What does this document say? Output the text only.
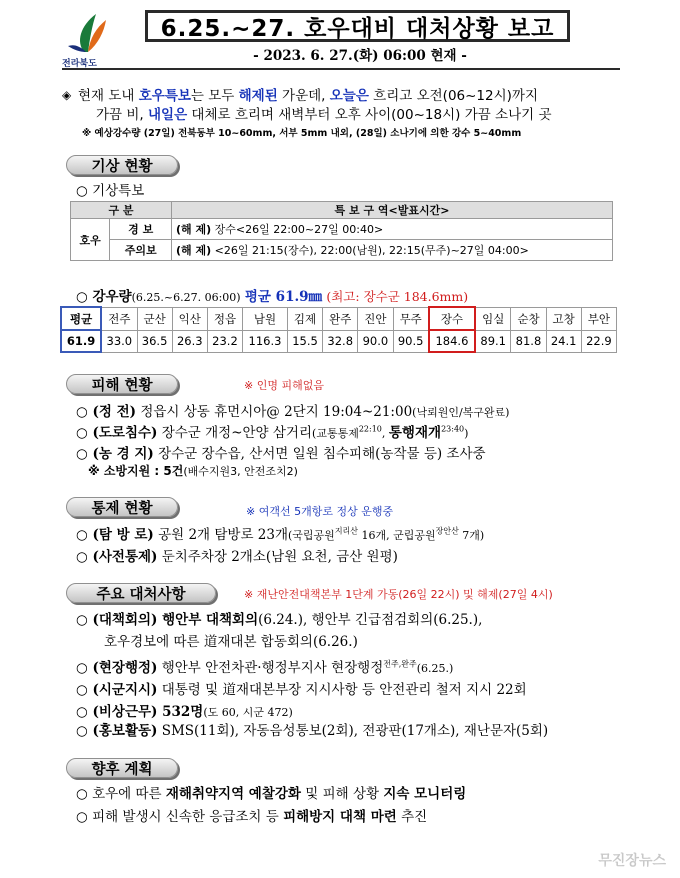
전라북도
6.25.~27. 호우대비 대처상황 보고
- 2023. 6. 27.(화) 06:00 현재 -
◈ 현재 도내 호우특보는 모두 해제된 가운데, 오늘은 흐리고 오전(06~12시)까지
가끔 비, 내일은 대체로 흐리며 새벽부터 오후 사이(00~18시) 가끔 소나기 곳
※ 예상강수량 (27일) 전북동부 10~60mm, 서부 5mm 내외, (28일) 소나기에 의한 강수 5~40mm
기상 현황
○ 기상특보
구 분		특 보 구 역<발표시간>
호우	경 보	(해 제) 장수<26일 22:00~27일 00:40>
	주의보	(해 제) <26일 21:15(장수), 22:00(남원), 22:15(무주)~27일 04:00>
○ 강우량(6.25.~6.27. 06:00) 평균 61.9㎜ (최고: 장수군 184.6mm)
평균	전주	군산	익산	정읍	남원	김제	완주	진안	무주	장수	임실	순창	고창	부안
61.9	33.0	36.5	26.3	23.2	116.3	15.5	32.8	90.0	90.5	184.6	89.1	81.8	24.1	22.9
피해 현황	※ 인명 피해없음
○ (정 전) 정읍시 상동 휴먼시아@ 2단지 19:04~21:00(낙뢰원인/복구완료)
○ (도로침수) 장수군 개정~안양 삼거리(교통통제$^{22:10}$, 통행재개$^{23:40}$)
○ (농 경 지) 장수군 장수읍, 산서면 일원 침수피해(농작물 등) 조사중
※ 소방지원 : 5건(배수지원3, 안전조치2)
통제 현황	※ 여객선 5개항로 정상 운행중
○ (탐 방 로) 공원 2개 탐방로 23개(국립공원$^{지리산}$ 16개, 군립공원$^{장안산}$ 7개)
○ (사전통제) 둔치주차장 2개소(남원 요천, 금산 원평)
주요 대처사항	※ 재난안전대책본부 1단계 가동(26일 22시) 및 해제(27일 4시)
○ (대책회의) 행안부 대책회의(6.24.), 행안부 긴급점검회의(6.25.),
호우경보에 따른 道재대본 합동회의(6.26.)
○ (현장행정) 행안부 안전차관·행정부지사 현장행정$^{전주,완주}$(6.25.)
○ (시군지시) 대통령 및 道재대본부장 지시사항 등 안전관리 철저 지시 22회
○ (비상근무) 532명(도 60, 시군 472)
○ (홍보활동) SMS(11회), 자동음성통보(2회), 전광판(17개소), 재난문자(5회)
향후 계획
○ 호우에 따른 재해취약지역 예찰강화 및 피해 상황 지속 모니터링
○ 피해 발생시 신속한 응급조치 등 피해방지 대책 마련 추진
무진장뉴스
